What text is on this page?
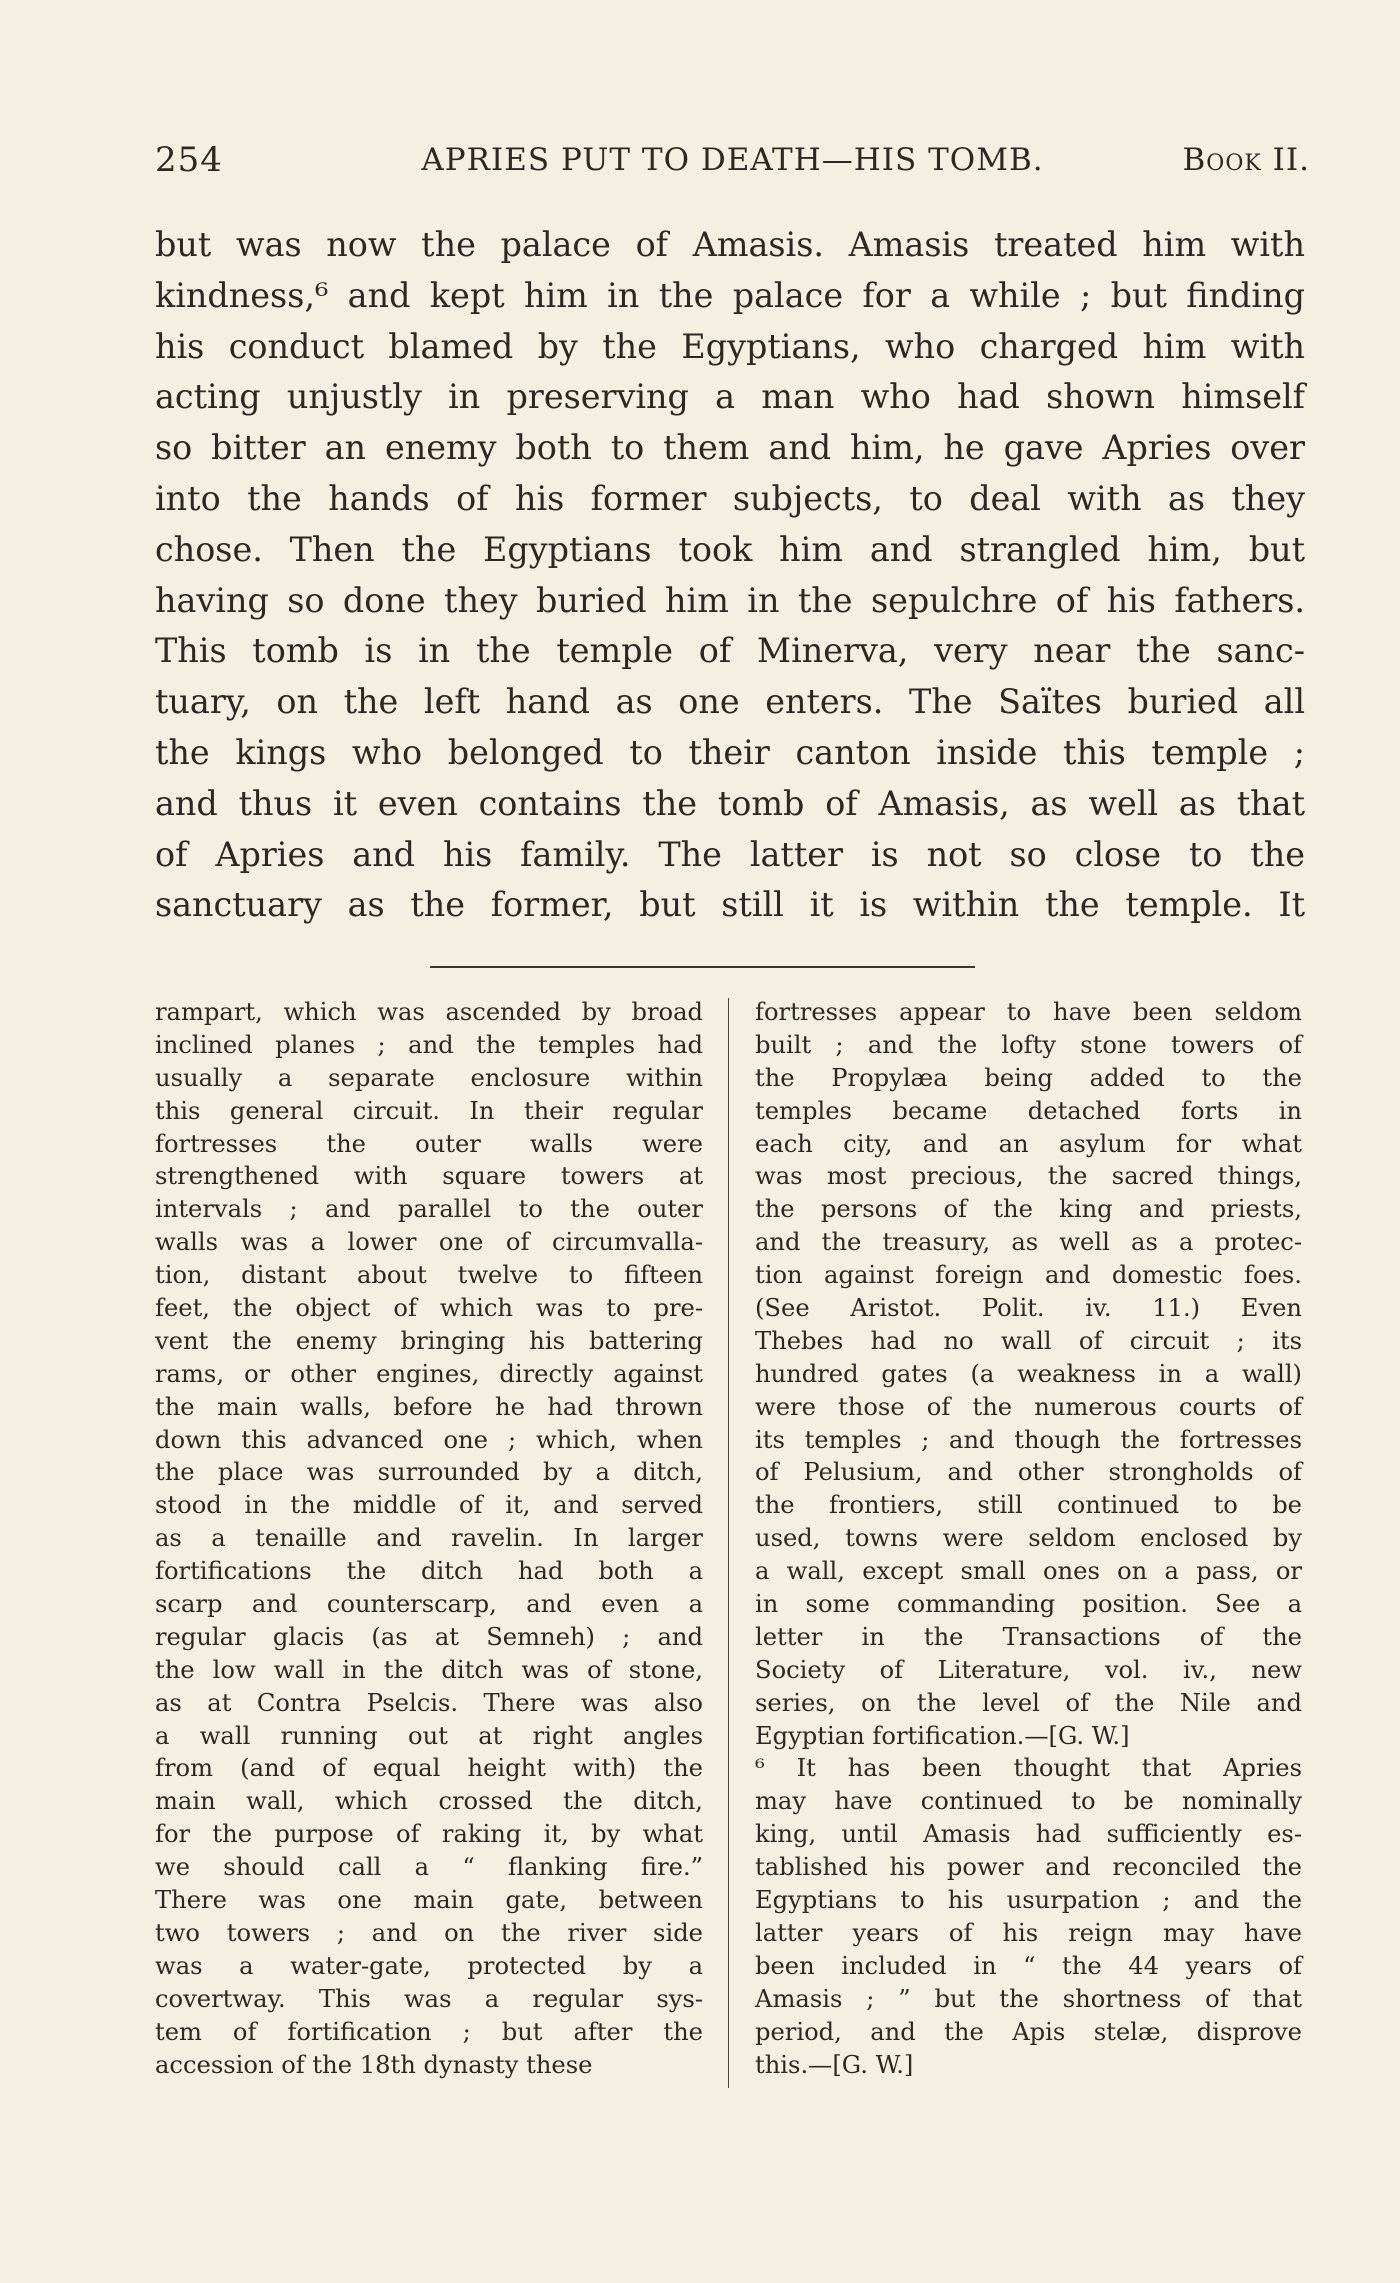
254	APRIES PUT TO DEATH—HIS TOMB.	Book II.
but was now the palace of Amasis. Amasis treated him with
kindness,⁶ and kept him in the palace for a while ; but finding
his conduct blamed by the Egyptians, who charged him with
acting unjustly in preserving a man who had shown himself
so bitter an enemy both to them and him, he gave Apries over
into the hands of his former subjects, to deal with as they
chose. Then the Egyptians took him and strangled him, but
having so done they buried him in the sepulchre of his fathers.
This tomb is in the temple of Minerva, very near the sanc-
tuary, on the left hand as one enters. The Saïtes buried all
the kings who belonged to their canton inside this temple ;
and thus it even contains the tomb of Amasis, as well as that
of Apries and his family. The latter is not so close to the
sanctuary as the former, but still it is within the temple. It
rampart, which was ascended by broad
inclined planes ; and the temples had
usually a separate enclosure within
this general circuit. In their regular
fortresses the outer walls were
strengthened with square towers at
intervals ; and parallel to the outer
walls was a lower one of circumvalla-
tion, distant about twelve to fifteen
feet, the object of which was to pre-
vent the enemy bringing his battering
rams, or other engines, directly against
the main walls, before he had thrown
down this advanced one ; which, when
the place was surrounded by a ditch,
stood in the middle of it, and served
as a tenaille and ravelin. In larger
fortifications the ditch had both a
scarp and counterscarp, and even a
regular glacis (as at Semneh) ; and
the low wall in the ditch was of stone,
as at Contra Pselcis. There was also
a wall running out at right angles
from (and of equal height with) the
main wall, which crossed the ditch,
for the purpose of raking it, by what
we should call a “ flanking fire.”
There was one main gate, between
two towers ; and on the river side
was a water-gate, protected by a
covertway. This was a regular sys-
tem of fortification ; but after the
accession of the 18th dynasty these
fortresses appear to have been seldom
built ; and the lofty stone towers of
the Propylæa being added to the
temples became detached forts in
each city, and an asylum for what
was most precious, the sacred things,
the persons of the king and priests,
and the treasury, as well as a protec-
tion against foreign and domestic foes.
(See Aristot. Polit. iv. 11.) Even
Thebes had no wall of circuit ; its
hundred gates (a weakness in a wall)
were those of the numerous courts of
its temples ; and though the fortresses
of Pelusium, and other strongholds of
the frontiers, still continued to be
used, towns were seldom enclosed by
a wall, except small ones on a pass, or
in some commanding position. See a
letter in the Transactions of the
Society of Literature, vol. iv., new
series, on the level of the Nile and
Egyptian fortification.—[G. W.]
⁶ It has been thought that Apries
may have continued to be nominally
king, until Amasis had sufficiently es-
tablished his power and reconciled the
Egyptians to his usurpation ; and the
latter years of his reign may have
been included in “ the 44 years of
Amasis ; ” but the shortness of that
period, and the Apis stelæ, disprove
this.—[G. W.]
